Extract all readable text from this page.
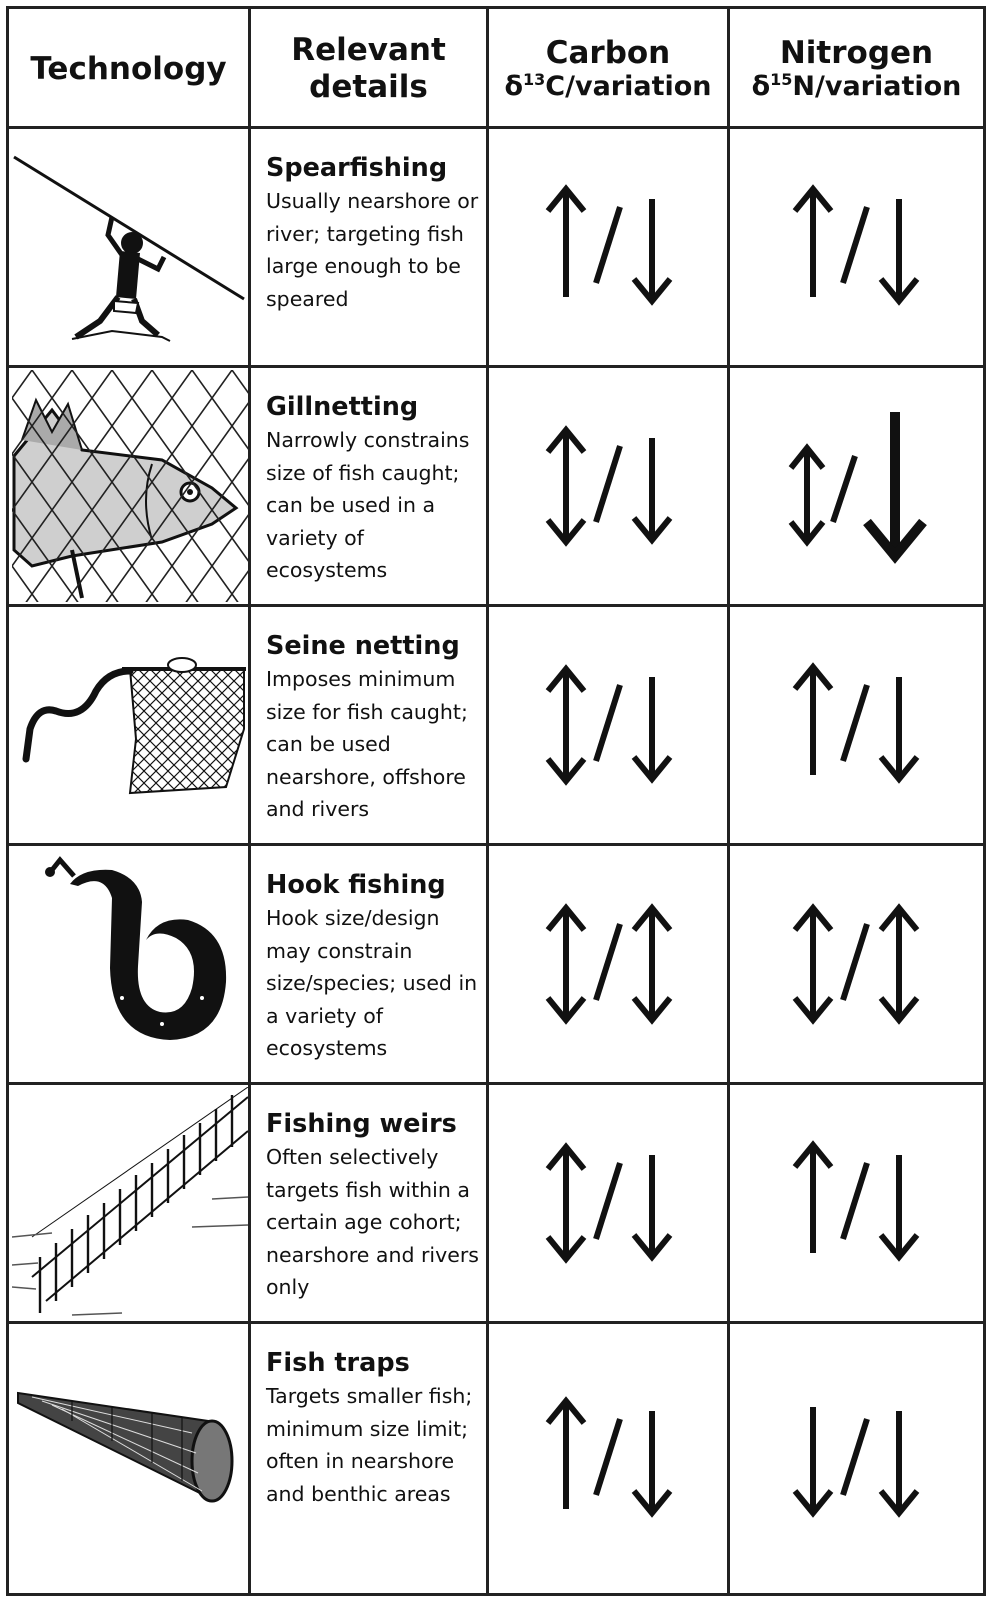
Technology
Relevant
details
Carbon
$\delta^{13}C$/variation
Nitrogen
$\delta^{15}N$/variation
Spearfishing
Usually nearshore or river; targeting fish large enough to be speared
Gillnetting
Narrowly constrains size of fish caught; can be used in a variety of ecosystems
Seine netting
Imposes minimum size for fish caught; can be used nearshore, offshore and rivers
Hook fishing
Hook size/design may constrain size/species; used in a variety of ecosystems
Fishing weirs
Often selectively targets fish within a certain age cohort; nearshore and rivers only
Fish traps
Targets smaller fish; minimum size limit; often in nearshore and benthic areas
